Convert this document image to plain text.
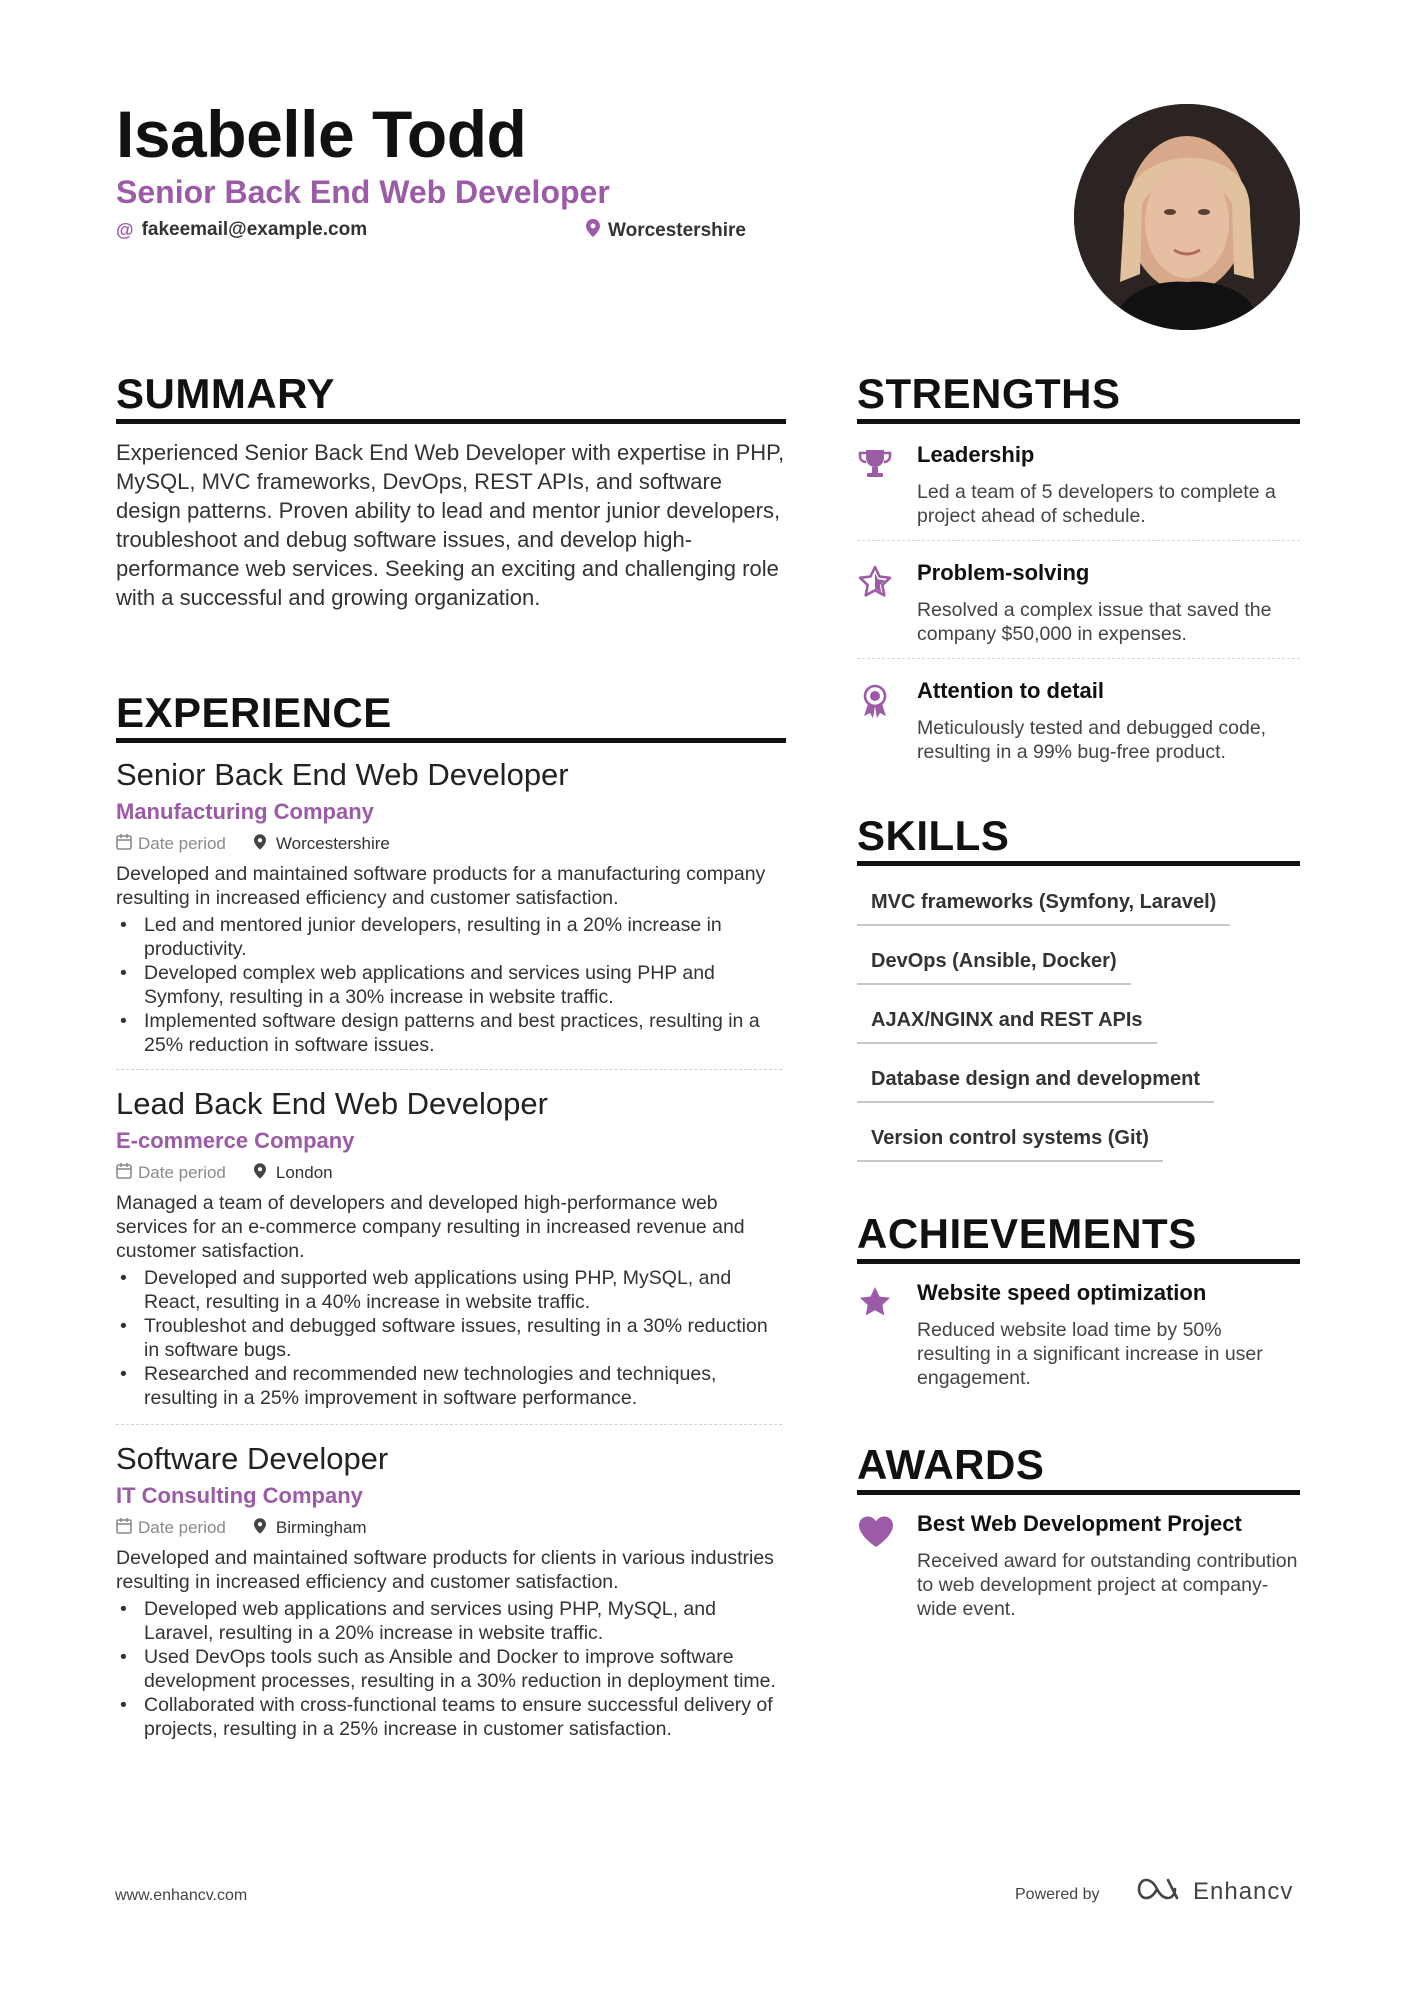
Isabelle Todd
Senior Back End Web Developer
@ fakeemail@example.com	Worcestershire
SUMMARY
Experienced Senior Back End Web Developer with expertise in PHP, MySQL, MVC frameworks, DevOps, REST APIs, and software design patterns. Proven ability to lead and mentor junior developers, troubleshoot and debug software issues, and develop high-performance web services. Seeking an exciting and challenging role with a successful and growing organization.
EXPERIENCE
Senior Back End Web Developer
Manufacturing Company
Date period	Worcestershire
Developed and maintained software products for a manufacturing company resulting in increased efficiency and customer satisfaction.
• Led and mentored junior developers, resulting in a 20% increase in productivity.
• Developed complex web applications and services using PHP and Symfony, resulting in a 30% increase in website traffic.
• Implemented software design patterns and best practices, resulting in a 25% reduction in software issues.
Lead Back End Web Developer
E-commerce Company
Date period	London
Managed a team of developers and developed high-performance web services for an e-commerce company resulting in increased revenue and customer satisfaction.
• Developed and supported web applications using PHP, MySQL, and React, resulting in a 40% increase in website traffic.
• Troubleshot and debugged software issues, resulting in a 30% reduction in software bugs.
• Researched and recommended new technologies and techniques, resulting in a 25% improvement in software performance.
Software Developer
IT Consulting Company
Date period	Birmingham
Developed and maintained software products for clients in various industries resulting in increased efficiency and customer satisfaction.
• Developed web applications and services using PHP, MySQL, and Laravel, resulting in a 20% increase in website traffic.
• Used DevOps tools such as Ansible and Docker to improve software development processes, resulting in a 30% reduction in deployment time.
• Collaborated with cross-functional teams to ensure successful delivery of projects, resulting in a 25% increase in customer satisfaction.
STRENGTHS
Leadership
Led a team of 5 developers to complete a project ahead of schedule.
Problem-solving
Resolved a complex issue that saved the company $50,000 in expenses.
Attention to detail
Meticulously tested and debugged code, resulting in a 99% bug-free product.
SKILLS
MVC frameworks (Symfony, Laravel)
DevOps (Ansible, Docker)
AJAX/NGINX and REST APIs
Database design and development
Version control systems (Git)
ACHIEVEMENTS
Website speed optimization
Reduced website load time by 50% resulting in a significant increase in user engagement.
AWARDS
Best Web Development Project
Received award for outstanding contribution to web development project at company-wide event.
www.enhancv.com	Powered by	Enhancv
